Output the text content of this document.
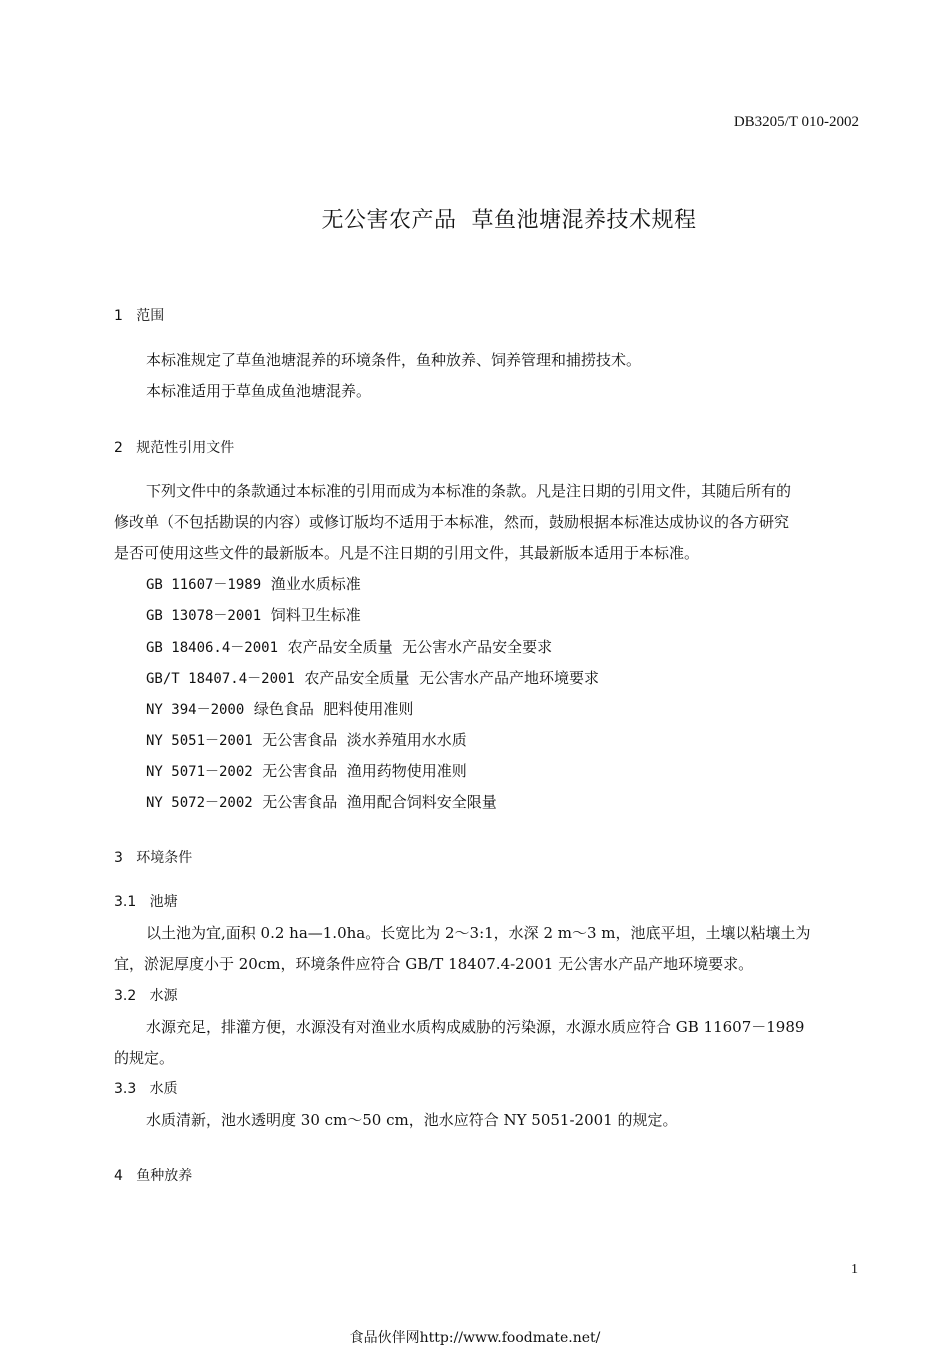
DB3205/T 010-2002
无公害农产品  草鱼池塘混养技术规程
1   范围
本标准规定了草鱼池塘混养的环境条件，鱼种放养、饲养管理和捕捞技术。
本标准适用于草鱼成鱼池塘混养。
2   规范性引用文件
下列文件中的条款通过本标准的引用而成为本标准的条款。凡是注日期的引用文件，其随后所有的
修改单（不包括勘误的内容）或修订版均不适用于本标准，然而，鼓励根据本标准达成协议的各方研究
是否可使用这些文件的最新版本。凡是不注日期的引用文件，其最新版本适用于本标准。
GB 11607－1989 渔业水质标准
GB 13078－2001 饲料卫生标准
GB 18406.4－2001 农产品安全质量  无公害水产品安全要求
GB/T 18407.4－2001 农产品安全质量  无公害水产品产地环境要求
NY 394－2000 绿色食品  肥料使用准则
NY 5051－2001 无公害食品  淡水养殖用水水质
NY 5071－2002 无公害食品  渔用药物使用准则
NY 5072－2002 无公害食品  渔用配合饲料安全限量
3   环境条件
3.1   池塘
以土池为宜,面积 0.2 ha—1.0ha。长宽比为 2～3:1，水深 2 m～3 m，池底平坦，土壤以粘壤土为
宜，淤泥厚度小于 20cm，环境条件应符合 GB/T 18407.4-2001 无公害水产品产地环境要求。
3.2   水源
水源充足，排灌方便，水源没有对渔业水质构成威胁的污染源，水源水质应符合 GB 11607－1989
的规定。
3.3   水质
水质清新，池水透明度 30 cm～50 cm，池水应符合 NY 5051-2001 的规定。
4   鱼种放养
1
食品伙伴网http://www.foodmate.net/
